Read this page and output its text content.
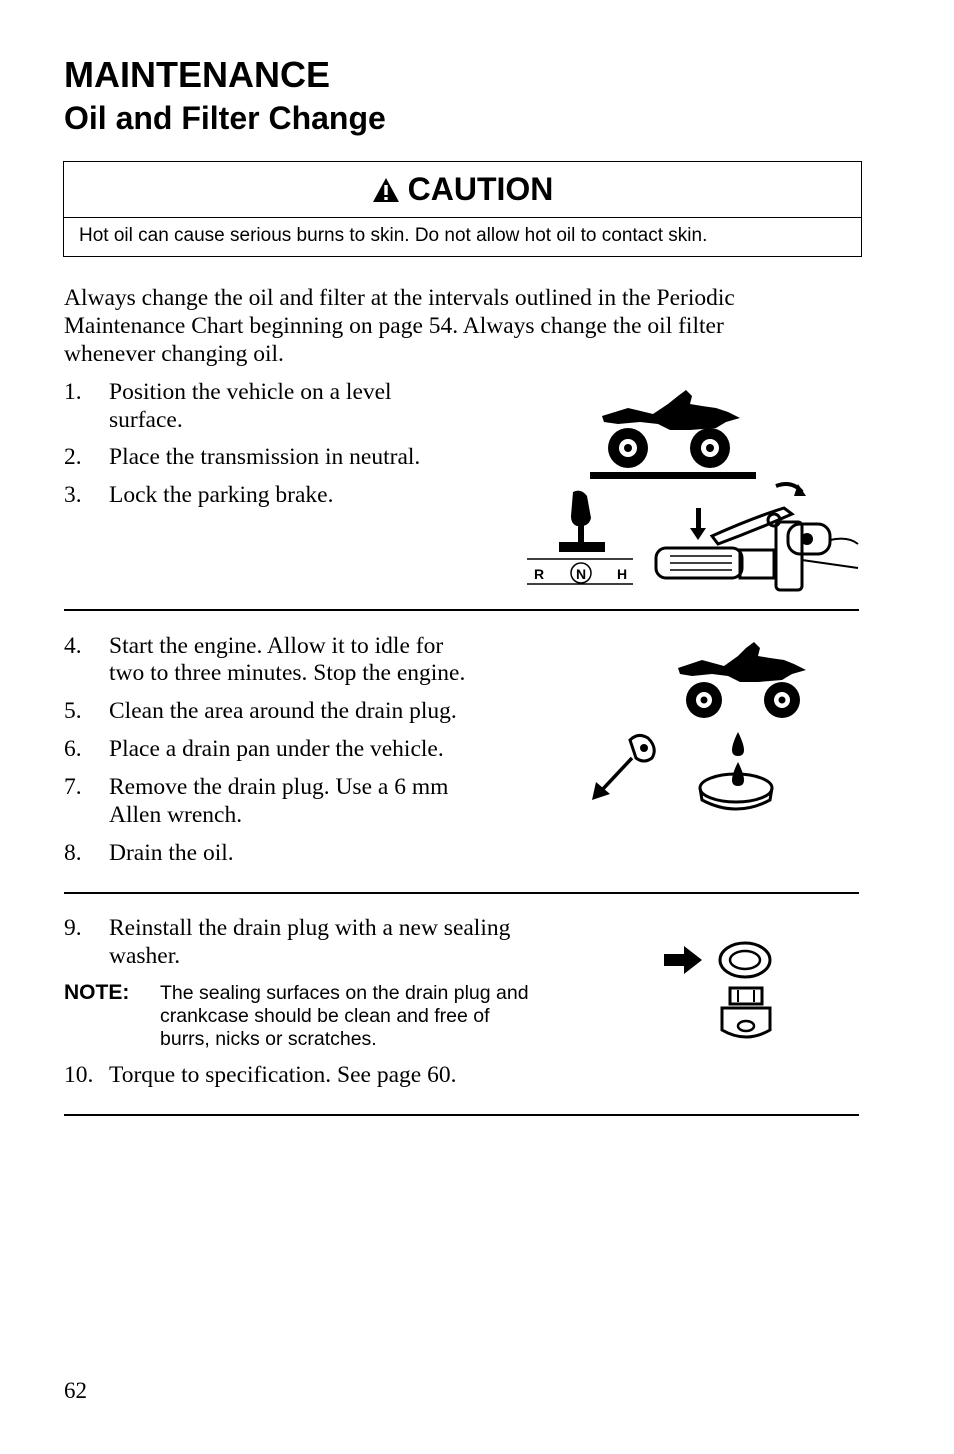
MAINTENANCE
Oil and Filter Change
CAUTION
Hot oil can cause serious burns to skin. Do not allow hot oil to contact skin.
Always change the oil and filter at the intervals outlined in the Periodic
Maintenance Chart beginning on page 54. Always change the oil filter
whenever changing oil.
1. Position the vehicle on a level
surface.
2. Place the transmission in neutral.
3. Lock the parking brake.
R N H
4. Start the engine. Allow it to idle for
two to three minutes. Stop the engine.
5. Clean the area around the drain plug.
6. Place a drain pan under the vehicle.
7. Remove the drain plug. Use a 6 mm
Allen wrench.
8. Drain the oil.
9. Reinstall the drain plug with a new sealing
washer.
NOTE: The sealing surfaces on the drain plug and
crankcase should be clean and free of
burrs, nicks or scratches.
10. Torque to specification. See page 60.
62
